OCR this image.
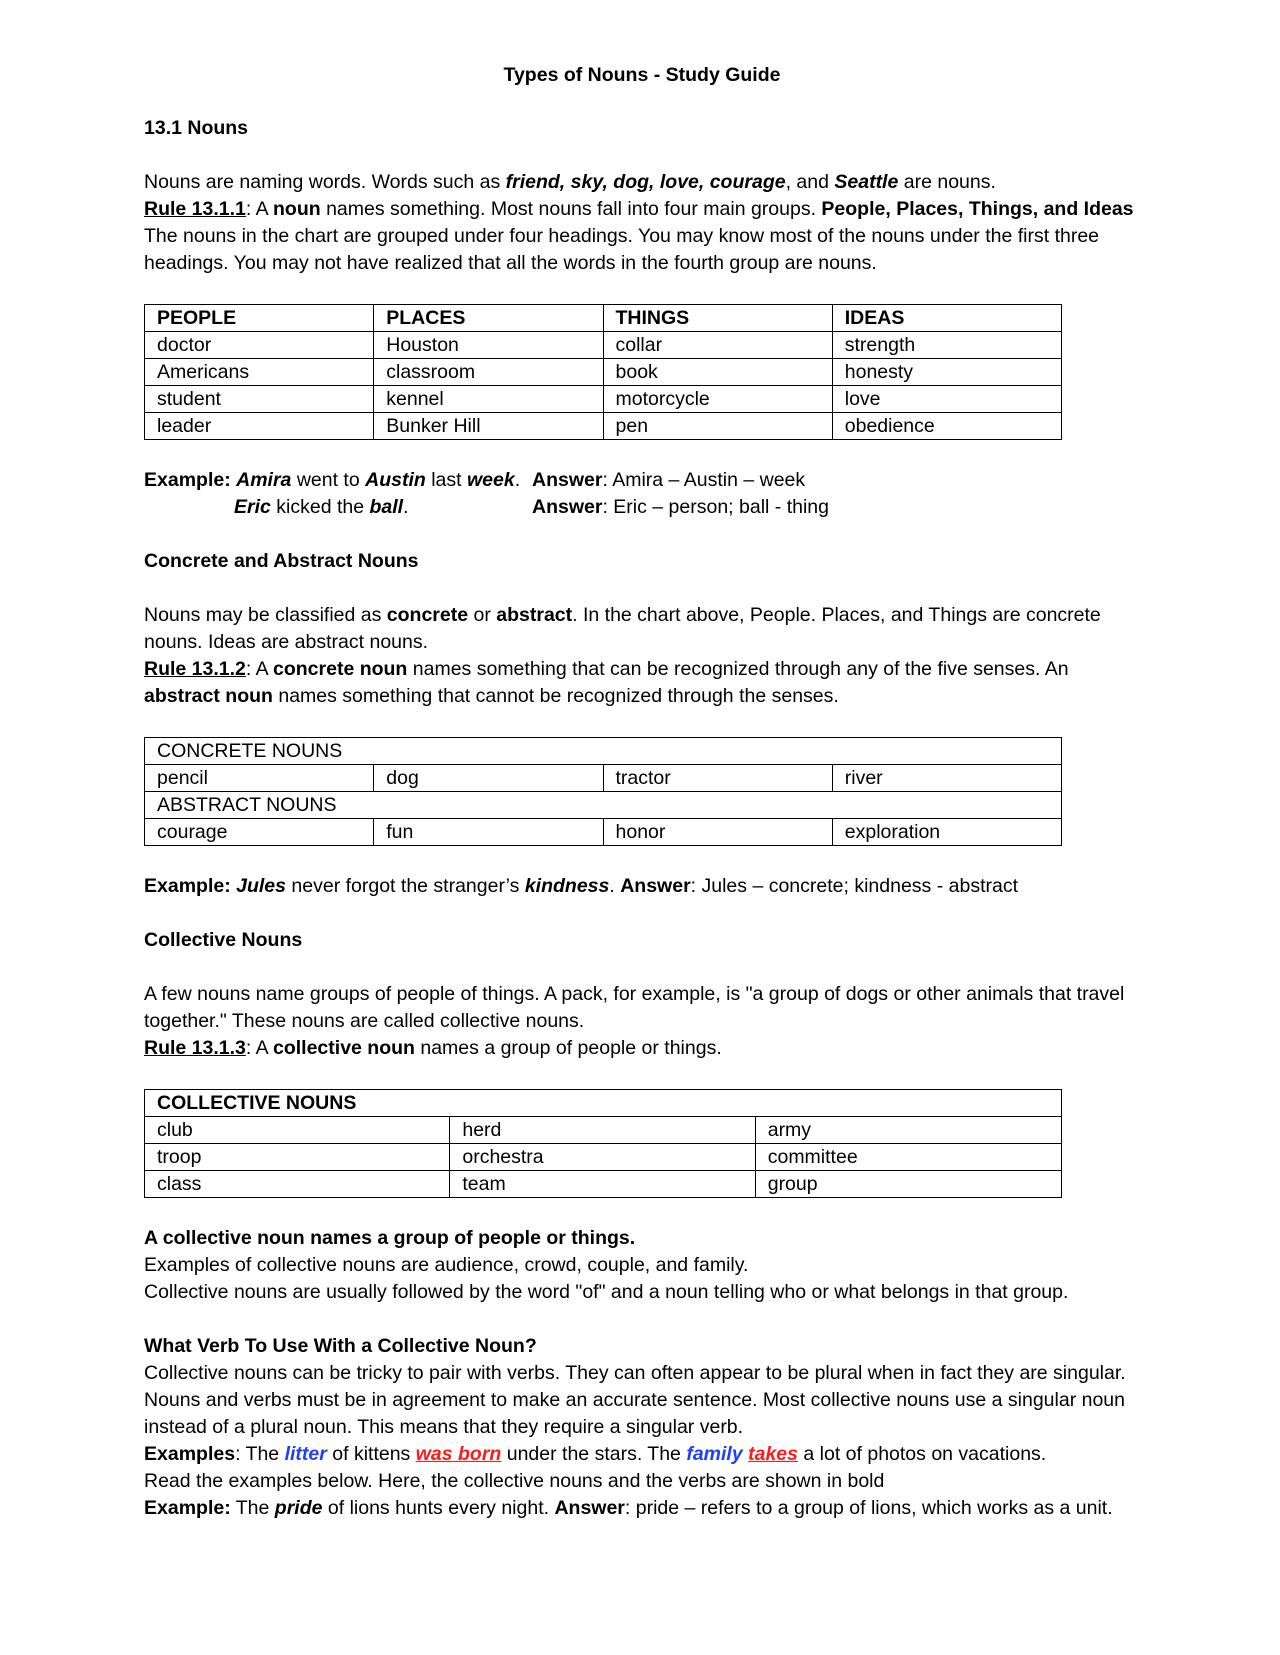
Types of Nouns - Study Guide

13.1 Nouns

Nouns are naming words. Words such as friend, sky, dog, love, courage, and Seattle are nouns.

Rule 13.1.1: A noun names something. Most nouns fall into four main groups. People, Places, Things, and Ideas

The nouns in the chart are grouped under four headings. You may know most of the nouns under the first three headings. You may not have realized that all the words in the fourth group are nouns.

PEOPLE	PLACES	THINGS	IDEAS
doctor	Houston	collar	strength
Americans	classroom	book	honesty
student	kennel	motorcycle	love
leader	Bunker Hill	pen	obedience
Example: Amira went to Austin last week. Answer: Amira – Austin – week
Eric kicked the ball.	Answer: Eric – person; ball - thing

Concrete and Abstract Nouns

Nouns may be classified as concrete or abstract. In the chart above, People. Places, and Things are concrete nouns. Ideas are abstract nouns.

Rule 13.1.2: A concrete noun names something that can be recognized through any of the five senses. An abstract noun names something that cannot be recognized through the senses.

CONCRETE NOUNS			
pencil	dog	tractor	river
ABSTRACT NOUNS			
courage	fun	honor	exploration

Example: Jules never forgot the stranger’s kindness. Answer: Jules – concrete; kindness - abstract

Collective Nouns

A few nouns name groups of people of things. A pack, for example, is "a group of dogs or other animals that travel together." These nouns are called collective nouns.

Rule 13.1.3: A collective noun names a group of people or things.

COLLECTIVE NOUNS		
club	herd	army
troop	orchestra	committee
class	team	group

A collective noun names a group of people or things.

Examples of collective nouns are audience, crowd, couple, and family.

Collective nouns are usually followed by the word "of" and a noun telling who or what belongs in that group.

What Verb To Use With a Collective Noun?

Collective nouns can be tricky to pair with verbs. They can often appear to be plural when in fact they are singular. Nouns and verbs must be in agreement to make an accurate sentence. Most collective nouns use a singular noun instead of a plural noun. This means that they require a singular verb.

Examples: The litter of kittens was born under the stars. The family takes a lot of photos on vacations.

Read the examples below. Here, the collective nouns and the verbs are shown in bold

Example: The pride of lions hunts every night. Answer: pride – refers to a group of lions, which works as a unit.
